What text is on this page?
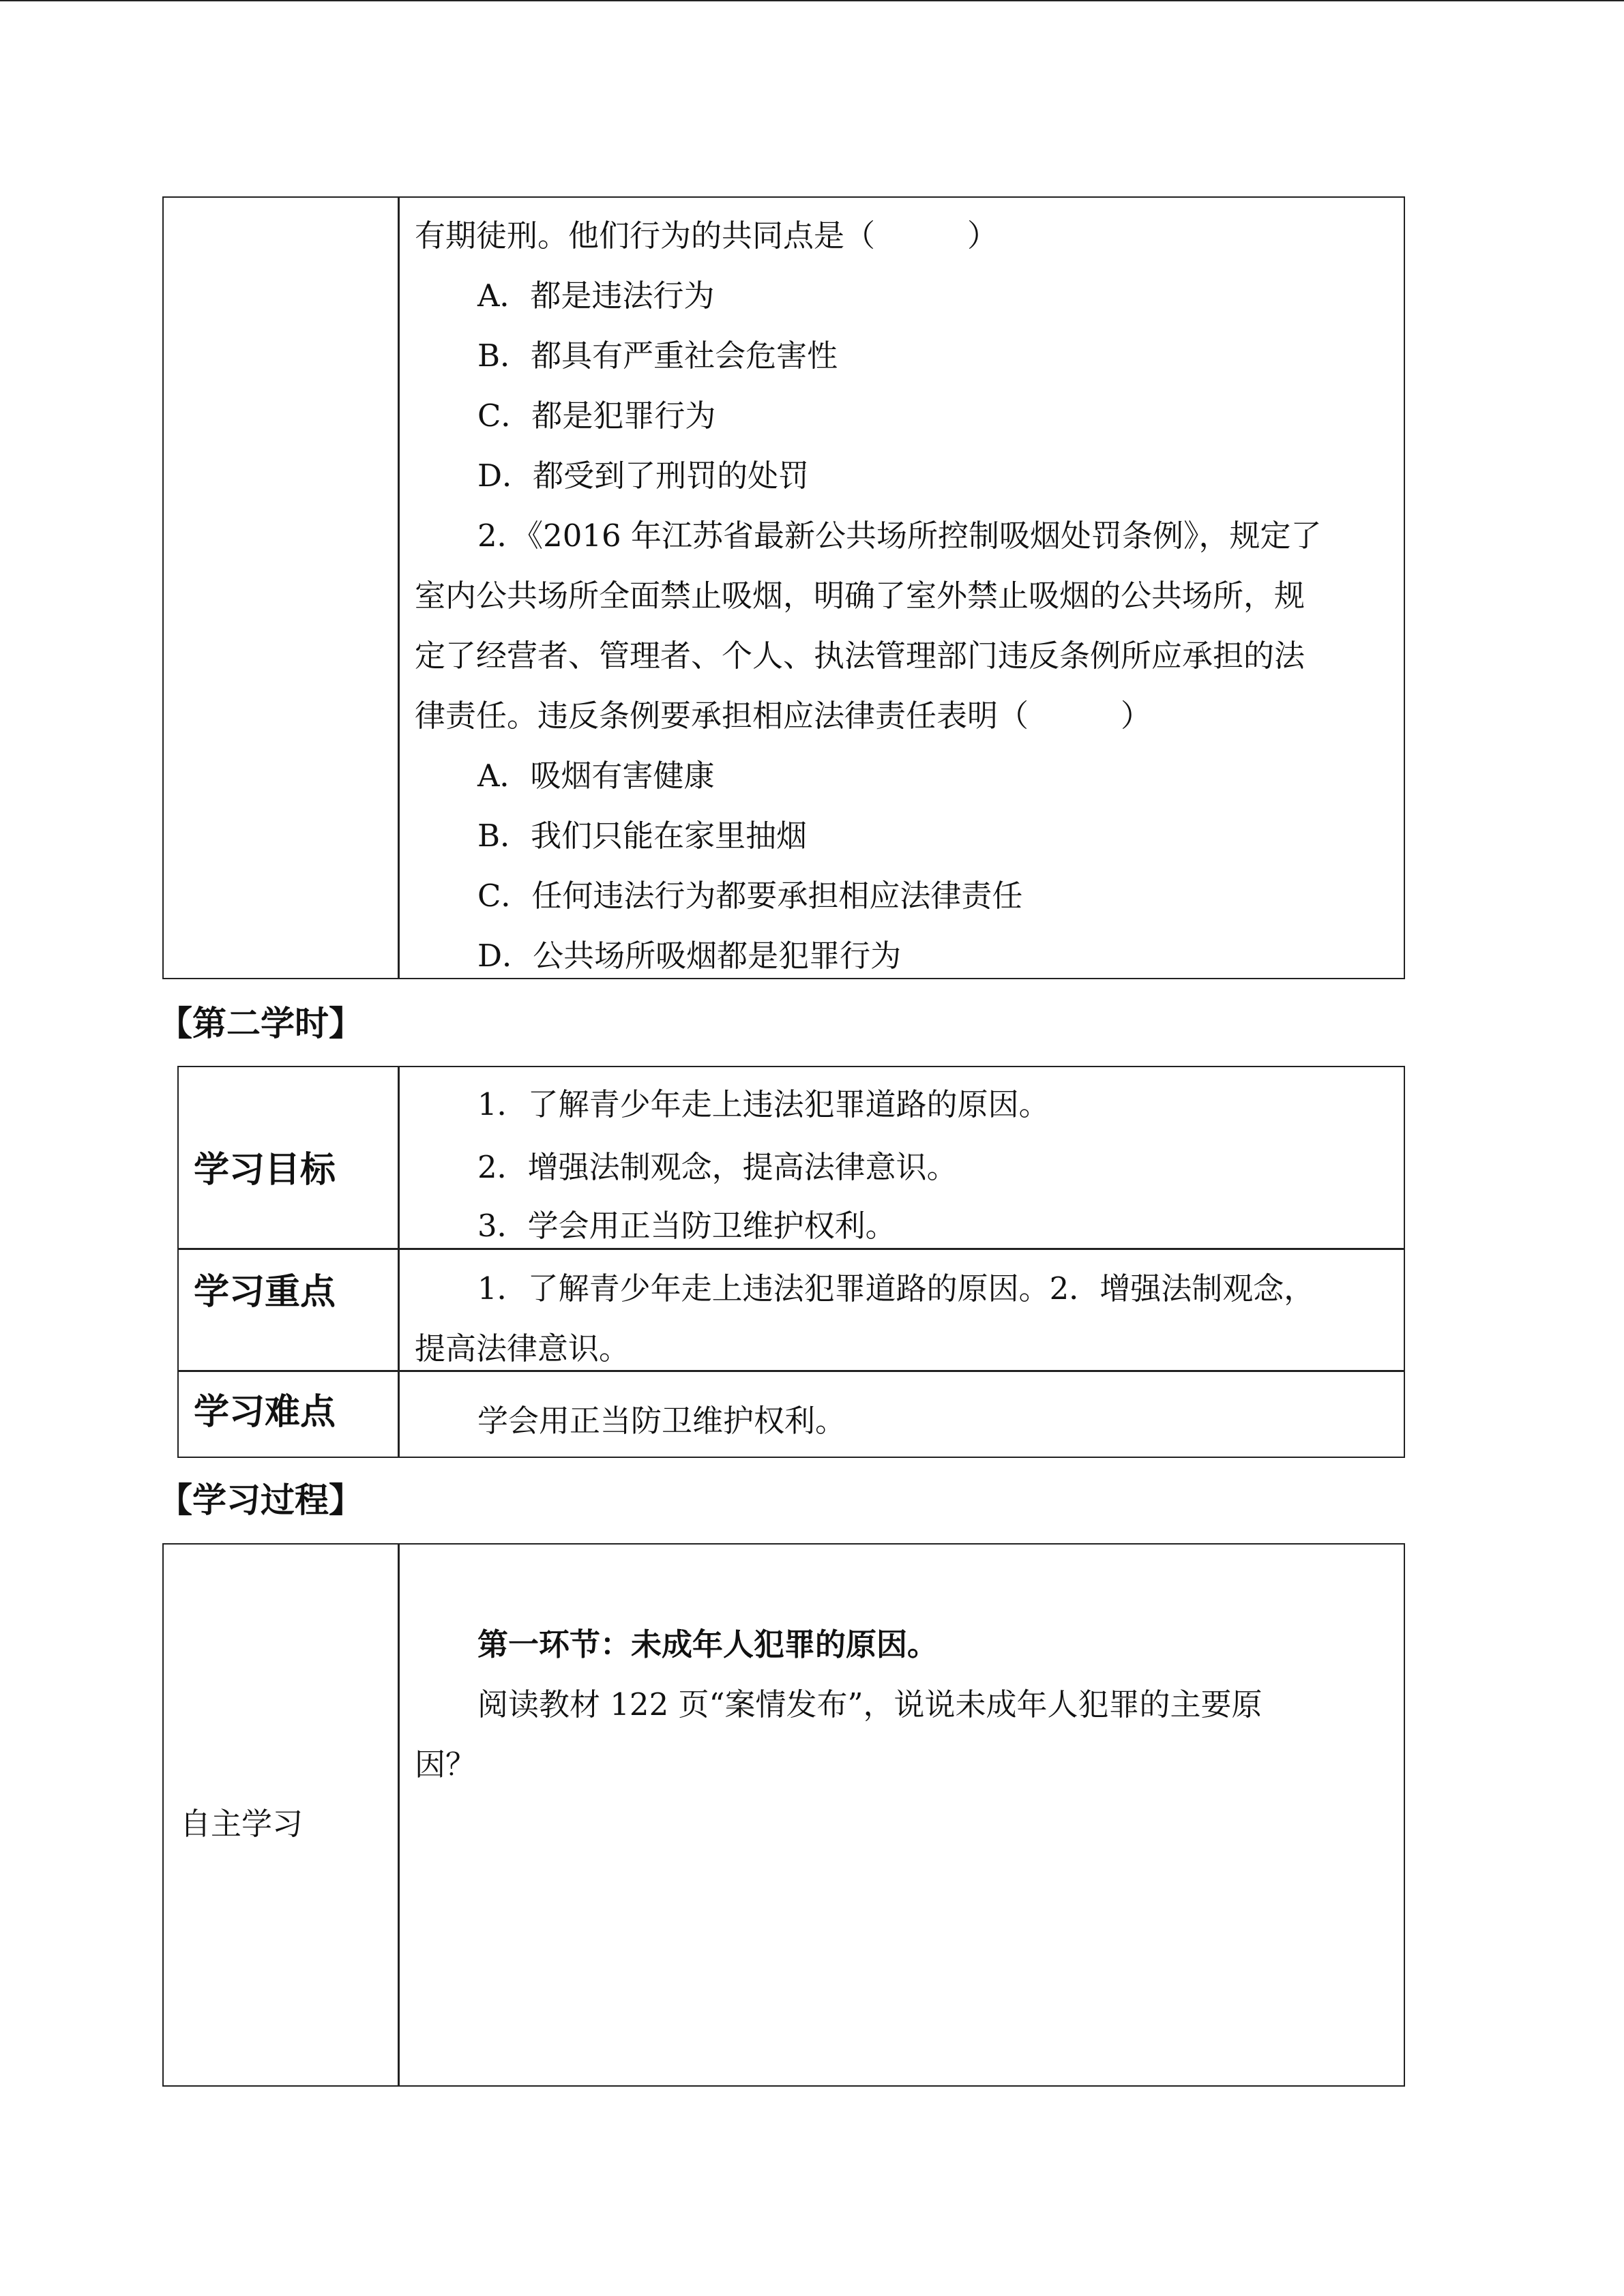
有期徒刑。他们行为的共同点是（　　　）
A．都是违法行为
B．都具有严重社会危害性
C．都是犯罪行为
D．都受到了刑罚的处罚
2．《2016 年江苏省最新公共场所控制吸烟处罚条例》，规定了
室内公共场所全面禁止吸烟，明确了室外禁止吸烟的公共场所，规
定了经营者、管理者、个人、执法管理部门违反条例所应承担的法
律责任。违反条例要承担相应法律责任表明（　　　）
A．吸烟有害健康
B．我们只能在家里抽烟
C．任何违法行为都要承担相应法律责任
D．公共场所吸烟都是犯罪行为
【第二学时】
学习目标
1．了解青少年走上违法犯罪道路的原因。
2．增强法制观念，提高法律意识。
3．学会用正当防卫维护权利。
学习重点	1．了解青少年走上违法犯罪道路的原因。2．增强法制观念，
提高法律意识。
学习难点	学会用正当防卫维护权利。
【学习过程】
自主学习
第一环节：未成年人犯罪的原因。
阅读教材 122 页“案情发布”，说说未成年人犯罪的主要原
因？
